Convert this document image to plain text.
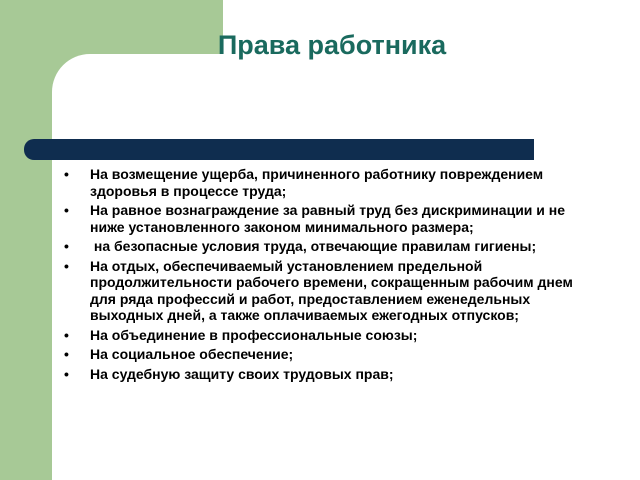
Права работника
• На возмещение ущерба, причиненного работнику повреждением здоровья в процессе труда;
• На равное вознаграждение за равный труд без дискриминации и не ниже установленного законом минимального размера;
• на безопасные условия труда, отвечающие правилам гигиены;
• На отдых, обеспечиваемый установлением предельной продолжительности рабочего времени, сокращенным рабочим днем для ряда профессий и работ, предоставлением еженедельных выходных дней, а также оплачиваемых ежегодных отпусков;
• На объединение в профессиональные союзы;
• На социальное обеспечение;
• На судебную защиту своих трудовых прав;
